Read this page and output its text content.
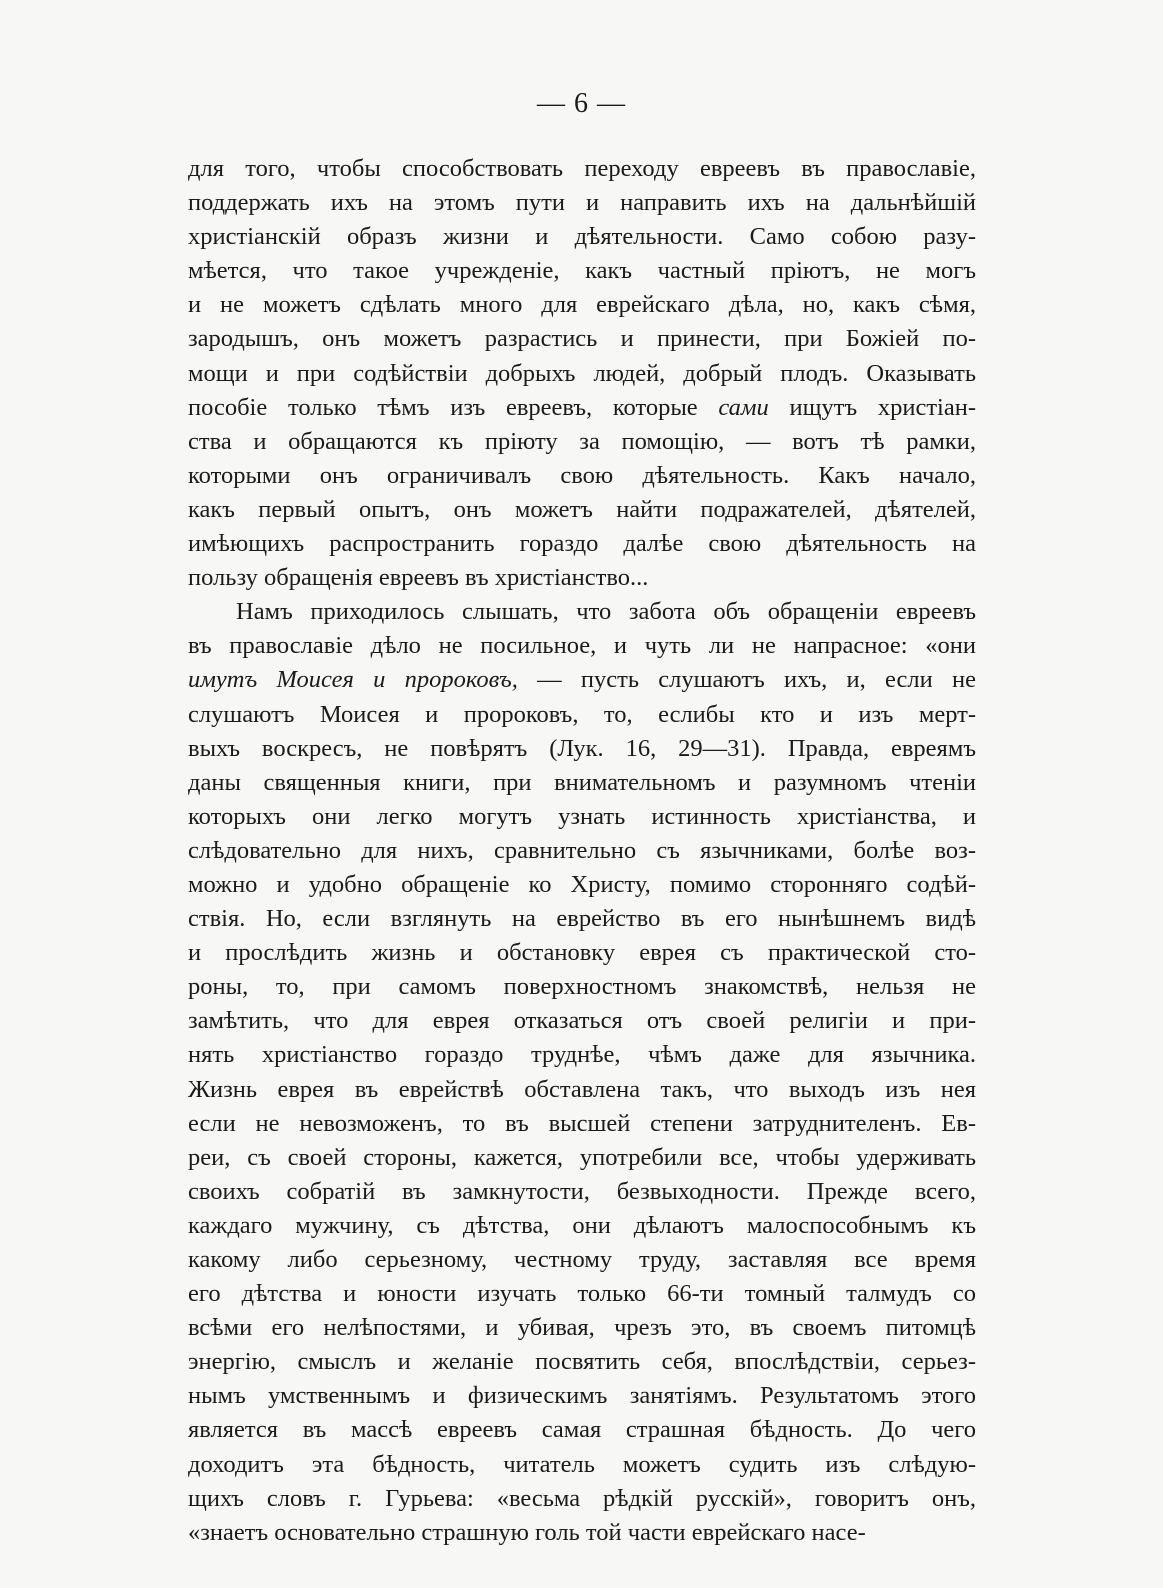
— 6 —
для того, чтобы способствовать переходу евреевъ въ православіе,
поддержать ихъ на этомъ пути и направить ихъ на дальнѣйшій
христіанскій образъ жизни и дѣятельности. Само собою разу-
мѣется, что такое учрежденіе, какъ частный пріютъ, не могъ
и не можетъ сдѣлать много для еврейскаго дѣла, но, какъ сѣмя,
зародышъ, онъ можетъ разрастись и принести, при Божіей по-
мощи и при содѣйствіи добрыхъ людей, добрый плодъ. Оказывать
пособіе только тѣмъ изъ евреевъ, которые сами ищутъ христіан-
ства и обращаются къ пріюту за помощію, — вотъ тѣ рамки,
которыми онъ ограничивалъ свою дѣятельность. Какъ начало,
какъ первый опытъ, онъ можетъ найти подражателей, дѣятелей,
имѣющихъ распространить гораздо далѣе свою дѣятельность на
пользу обращенія евреевъ въ христіанство...
Намъ приходилось слышать, что забота объ обращеніи евреевъ
въ православіе дѣло не посильное, и чуть ли не напрасное: «они
имутъ Моисея и пророковъ, — пусть слушаютъ ихъ, и, если не
слушаютъ Моисея и пророковъ, то, еслибы кто и изъ мерт-
выхъ воскресъ, не повѣрятъ (Лук. 16, 29—31). Правда, евреямъ
даны священныя книги, при внимательномъ и разумномъ чтеніи
которыхъ они легко могутъ узнать истинность христіанства, и
слѣдовательно для нихъ, сравнительно съ язычниками, болѣе воз-
можно и удобно обращеніе ко Христу, помимо сторонняго содѣй-
ствія. Но, если взглянуть на еврейство въ его нынѣшнемъ видѣ
и прослѣдить жизнь и обстановку еврея съ практической сто-
роны, то, при самомъ поверхностномъ знакомствѣ, нельзя не
замѣтить, что для еврея отказаться отъ своей религіи и при-
нять христіанство гораздо труднѣе, чѣмъ даже для язычника.
Жизнь еврея въ еврействѣ обставлена такъ, что выходъ изъ нея
если не невозможенъ, то въ высшей степени затруднителенъ. Ев-
реи, съ своей стороны, кажется, употребили все, чтобы удерживать
своихъ собратій въ замкнутости, безвыходности. Прежде всего,
каждаго мужчину, съ дѣтства, они дѣлаютъ малоспособнымъ къ
какому либо серьезному, честному труду, заставляя все время
его дѣтства и юности изучать только 66-ти томный талмудъ со
всѣми его нелѣпостями, и убивая, чрезъ это, въ своемъ питомцѣ
энергію, смыслъ и желаніе посвятить себя, впослѣдствіи, серьез-
нымъ умственнымъ и физическимъ занятіямъ. Результатомъ этого
является въ массѣ евреевъ самая страшная бѣдность. До чего
доходитъ эта бѣдность, читатель можетъ судить изъ слѣдую-
щихъ словъ г. Гурьева: «весьма рѣдкій русскій», говоритъ онъ,
«знаетъ основательно страшную голь той части еврейскаго насе-
